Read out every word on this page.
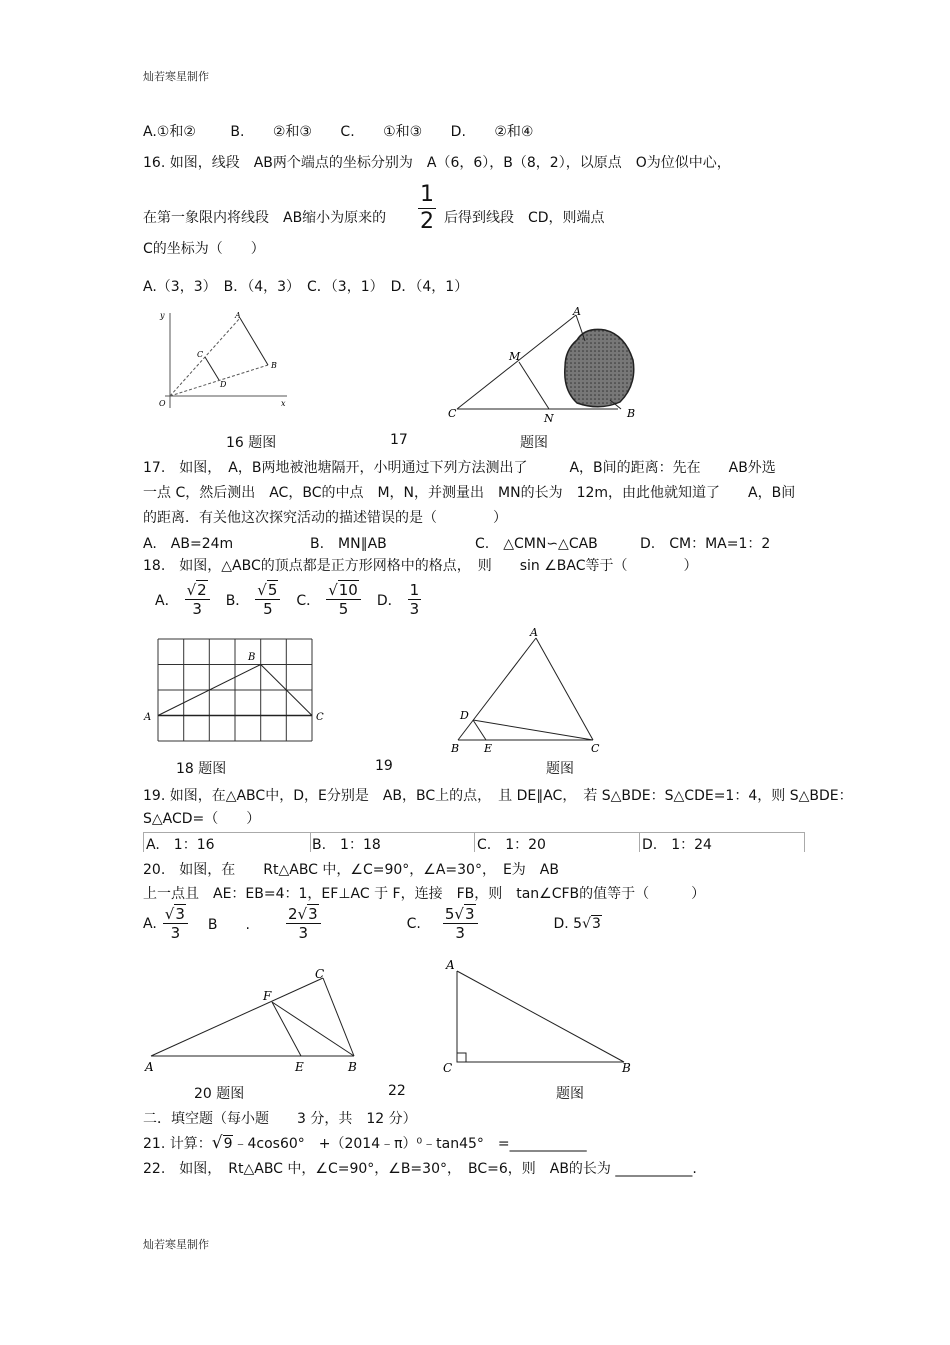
灿若寒星制作
A.①和② B. ②和③ C. ①和③ D. ②和④
16. 如图，线段　AB两个端点的坐标分别为　A（6，6），B（8，2），以原点　O为位似中心，
在第一象限内将线段　AB缩小为原来的 $\frac{1}{2}$ 后得到线段　CD，则端点
C的坐标为（　　）
A.（3，3）　B．（4，3）　C．（3，1）　D．（4，1）
y	A
C
D
B
O	x
A
M
C	N	B
16 题图	17	题图
17.　如图，　A，B两地被池塘隔开，小明通过下列方法测出了　　　A，B间的距离：先在　　AB外选
一点 C，然后测出　AC，BC的中点　M，N，并测量出　MN的长为　12m，由此他就知道了　　A，B间
的距离．有关他这次探究活动的描述错误的是（　　　　）
A.　AB=24m	B.　MN∥AB	C.　△CMN∽△CAB	D.　CM：MA=1：2
18.　如图，△ABC的顶点都是正方形网格中的格点，　则　　sin ∠BAC等于（　　　　）
A． $\frac{√2}{3}$ B． $\frac{√5}{5}$ C． $\frac{√10}{5}$ D． $\frac{1}{3}$
A
B
C
A
D
B E	C
18 题图	19	题图
19. 如图，在△ABC中，D，E分别是　AB，BC上的点，　且 DE∥AC，　若 S△BDE：S△CDE=1：4，则 S△BDE：
S△ACD=（　　）
A.　1：16	B.　1：18	C.　1：20	D.　1：24
20.　如图，在　　Rt△ABC 中，∠C=90°，∠A=30°，　E为　AB
上一点且　AE：EB=4：1，EF⊥AC 于 F，连接　FB，则　tan∠CFB的值等于（　　　）
A. $\frac{√3}{3}$ B　　. $\frac{2√3}{3}$	C. $\frac{5√3}{3}$	D. 5 √3
C
F
A	E	B
A
C	B
20 题图	22	题图
二．填空题（每小题　　3 分，共　12 分）
21. 计算：√9﹣4cos60°　+（2014﹣π）⁰﹣tan45°　=___________
22.　如图，　Rt△ABC 中，∠C=90°，∠B=30°，　BC=6，则　AB的长为 ___________.
灿若寒星制作
